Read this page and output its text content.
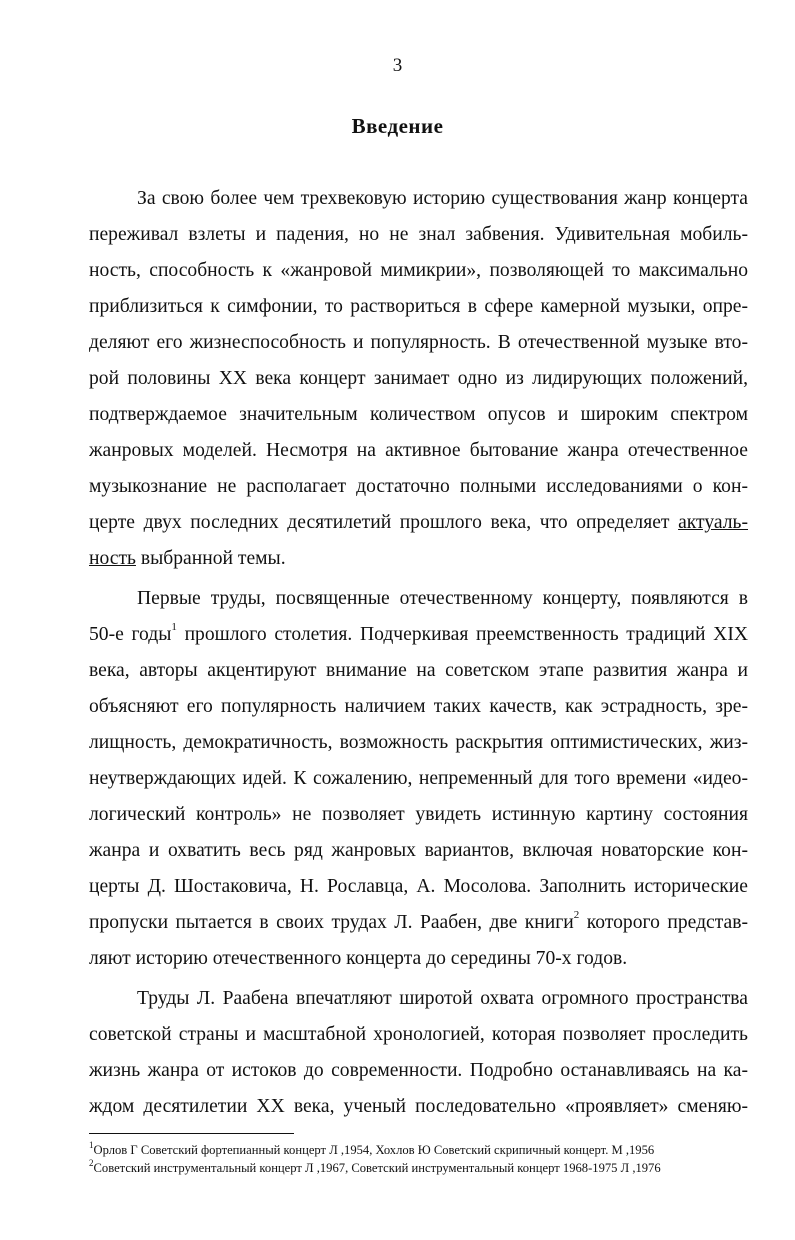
3
Введение
За свою более чем трехвековую историю существования жанр концерта
переживал взлеты и падения, но не знал забвения. Удивительная мобиль-
ность, способность к «жанровой мимикрии», позволяющей то максимально
приблизиться к симфонии, то раствориться в сфере камерной музыки, опре-
деляют его жизнеспособность и популярность. В отечественной музыке вто-
рой половины XX века концерт занимает одно из лидирующих положений,
подтверждаемое значительным количеством опусов и широким спектром
жанровых моделей. Несмотря на активное бытование жанра отечественное
музыкознание не располагает достаточно полными исследованиями о кон-
церте двух последних десятилетий прошлого века, что определяет актуаль-
ность выбранной темы.
Первые труды, посвященные отечественному концерту, появляются в
50-е годы$^1$ прошлого столетия. Подчеркивая преемственность традиций XIX
века, авторы акцентируют внимание на советском этапе развития жанра и
объясняют его популярность наличием таких качеств, как эстрадность, зре-
лищность, демократичность, возможность раскрытия оптимистических, жиз-
неутверждающих идей. К сожалению, непременный для того времени «идео-
логический контроль» не позволяет увидеть истинную картину состояния
жанра и охватить весь ряд жанровых вариантов, включая новаторские кон-
церты Д. Шостаковича, Н. Рославца, А. Мосолова. Заполнить исторические
пропуски пытается в своих трудах Л. Раабен, две книги$^2$ которого представ-
ляют историю отечественного концерта до середины 70-х годов.
Труды Л. Раабена впечатляют широтой охвата огромного пространства
советской страны и масштабной хронологией, которая позволяет проследить
жизнь жанра от истоков до современности. Подробно останавливаясь на ка-
ждом десятилетии XX века, ученый последовательно «проявляет» сменяю-
$^1$Орлов Г Советский фортепианный концерт Л ,1954, Хохлов Ю Советский скрипичный концерт. М ,1956
$^2$Советский инструментальный концерт Л ,1967, Советский инструментальный концерт 1968-1975 Л ,1976
